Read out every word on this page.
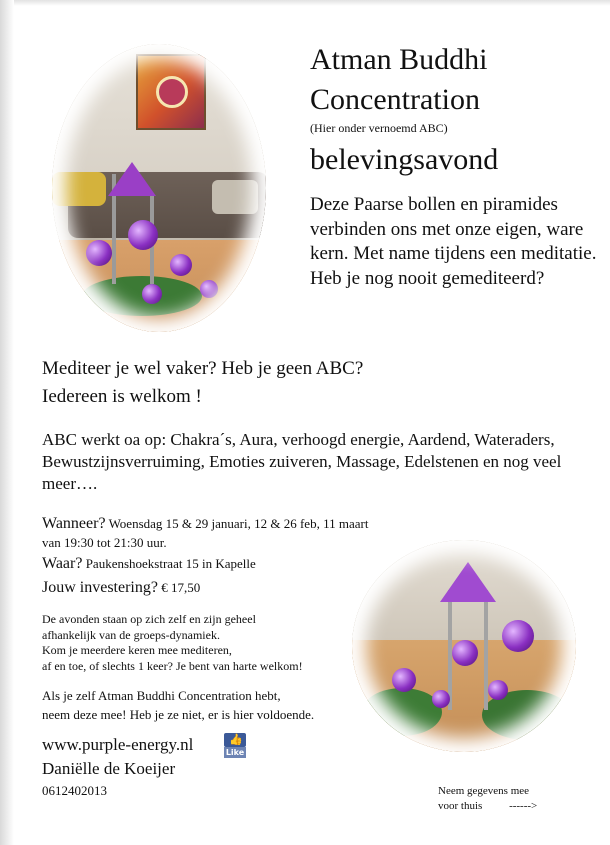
Atman Buddhi Concentration
(Hier onder vernoemd ABC)
belevingsavond
Deze Paarse bollen en piramides verbinden ons met onze eigen, ware kern. Met name tijdens een meditatie. Heb je nog nooit gemediteerd?
Mediteer je wel vaker? Heb je geen ABC?
Iedereen is welkom !
ABC werkt oa op: Chakra´s, Aura, verhoogd energie, Aardend, Wateraders, Bewustzijnsverruiming, Emoties zuiveren, Massage, Edelstenen en nog veel meer….
Wanneer? Woensdag 15 & 29 januari, 12 & 26 feb, 11 maart
van 19:30 tot 21:30 uur.
Waar? Paukenshoekstraat 15 in Kapelle
Jouw investering? € 17,50
De avonden staan op zich zelf en zijn geheel
afhankelijk van de groeps-dynamiek.
Kom je meerdere keren mee mediteren,
af en toe, of slechts 1 keer? Je bent van harte welkom!
Als je zelf Atman Buddhi Concentration hebt,
neem deze mee! Heb je ze niet, er is hier voldoende.
www.purple-energy.nl	👍
Like
Daniëlle de Koeijer
0612402013	Neem gegevens mee
voor thuis ------>
